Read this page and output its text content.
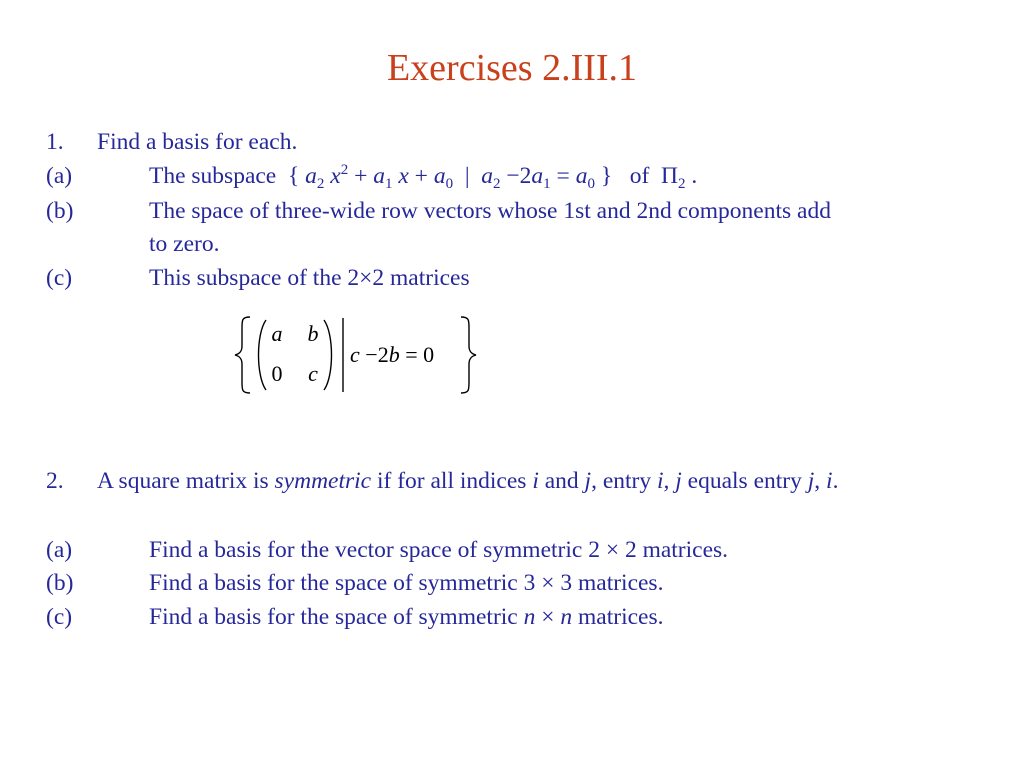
Exercises 2.III.1
1. Find a basis for each.
(a)	The subspace { $a_2$ $x^2 + a_1$ $x + a_0$ | $a_2 -2a_1 = a_0$ } of $\Pi_2$ .
(b)	The space of three-wide row vectors whose 1st and 2nd components add
to zero.
(c)	This subspace of the 2×2 matrices
a b
0 c
c −2b = 0
2. A square matrix is symmetric if for all indices i and j, entry i, j equals entry j, i.
(a)	Find a basis for the vector space of symmetric 2 × 2 matrices.
(b)	Find a basis for the space of symmetric 3 × 3 matrices.
(c)	Find a basis for the space of symmetric n × n matrices.
